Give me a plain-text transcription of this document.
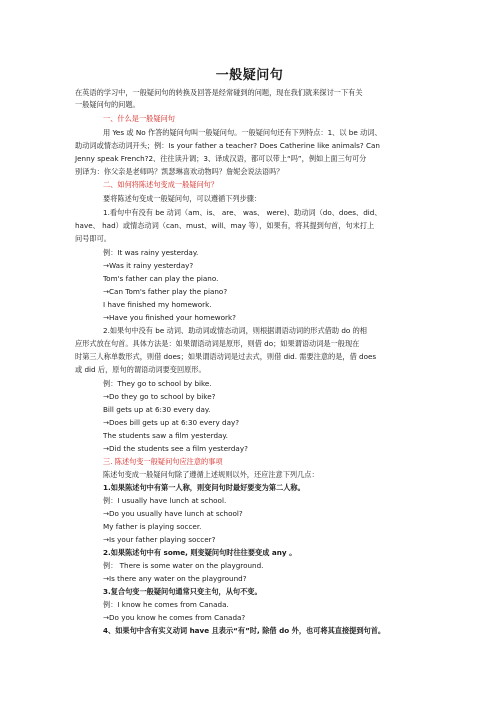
一般疑问句
在英语的学习中，一般疑问句的转换及回答是经常碰到的问题，现在我们就来探讨一下有关
一般疑问句的问题。
一、什么是一般疑问句
用 Yes 或 No 作答的疑问句叫一般疑问句。一般疑问句还有下列特点：1、以 be 动词、
助动词或情态动词开头；例：Is your father a teacher? Does Catherine like animals? Can
Jenny speak French?2、往往读升调；3、译成汉语，都可以带上“吗”，例如上面三句可分
别译为：你父亲是老师吗？凯瑟琳喜欢动物吗？詹妮会说法语吗？
二、如何将陈述句变成一般疑问句？
要将陈述句变成一般疑问句，可以遵循下列步骤：
1.看句中有没有 be 动词（am、is、 are、 was、 were)、助动词（do、does、did、
have、 had）或情态动词（can、must、will、may 等），如果有，将其提到句首，句末打上
问号即可。
例：It was rainy yesterday.
→Was it rainy yesterday?
Tom's father can play the piano.
→Can Tom's father play the piano?
I have finished my homework.
→Have you finished your homework?
2.如果句中没有 be 动词、助动词或情态动词，则根据谓语动词的形式借助 do 的相
应形式放在句首。具体方法是：如果谓语动词是原形，则借 do；如果谓语动词是一般现在
时第三人称单数形式，则借 does；如果谓语动词是过去式，则借 did. 需要注意的是，借 does
或 did 后，原句的谓语动词要变回原形。
例：They go to school by bike.
→Do they go to school by bike?
Bill gets up at 6:30 every day.
→Does bill gets up at 6:30 every day?
The students saw a film yesterday.
→Did the students see a film yesterday?
三. 陈述句变一般疑问句应注意的事项
陈述句变成一般疑问句除了遵循上述规则以外，还应注意下列几点：
1.如果陈述句中有第一人称，则变问句时最好要变为第二人称。
例：I usually have lunch at school.
→Do you usually have lunch at school?
My father is playing soccer.
→Is your father playing soccer?
2.如果陈述句中有 some, 则变疑问句时往往要变成 any 。
例： There is some water on the playground.
→Is there any water on the playground?
3.复合句变一般疑问句通常只变主句，从句不变。
例：I know he comes from Canada.
→Do you know he comes from Canada?
4、如果句中含有实义动词 have 且表示“有”时, 除借 do 外，也可将其直接提到句首。
